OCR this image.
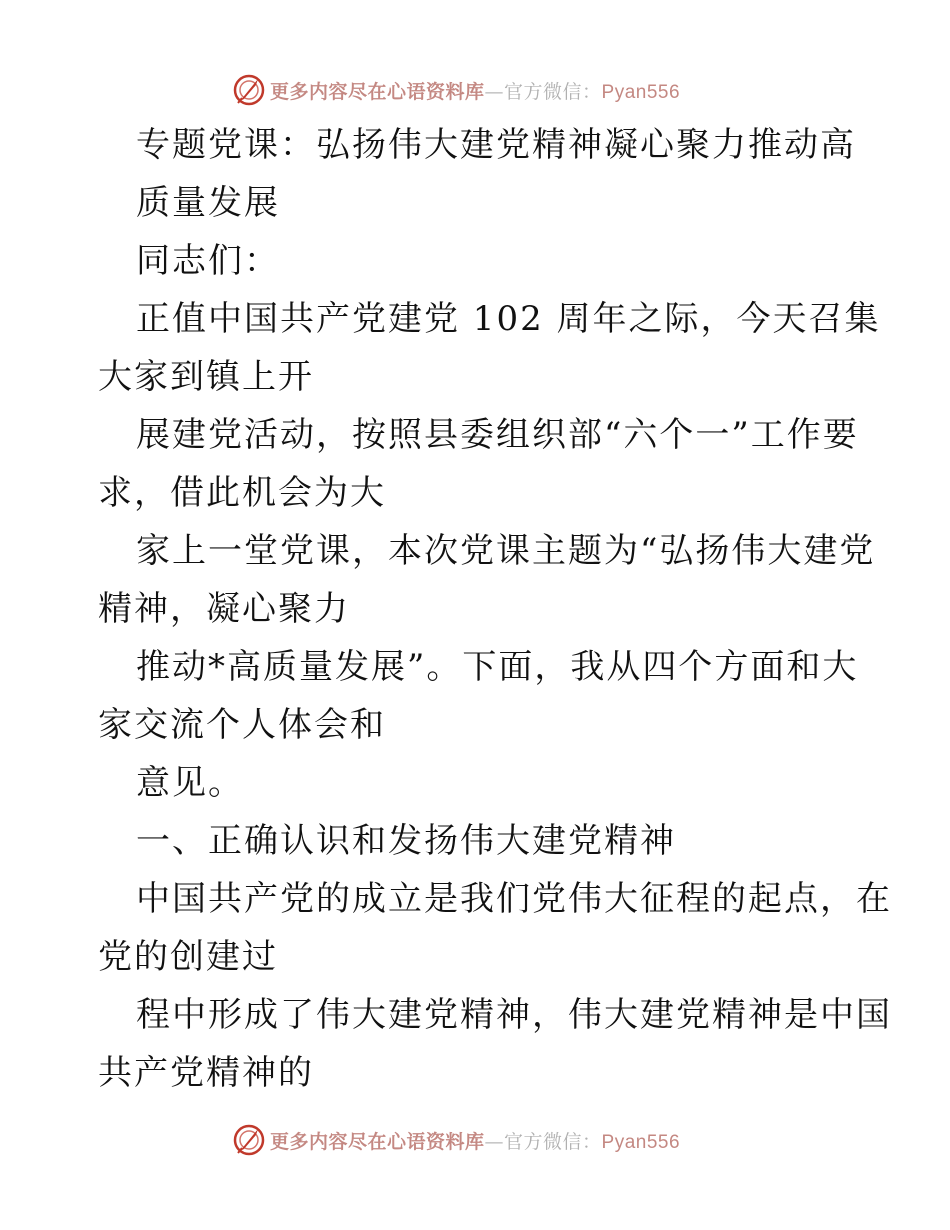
更多内容尽在心语资料库—官方微信：Pyan556
专题党课：弘扬伟大建党精神凝心聚力推动高
质量发展
同志们：
正值中国共产党建党 102 周年之际，今天召集
大家到镇上开
展建党活动，按照县委组织部“六个一”工作要
求，借此机会为大
家上一堂党课，本次党课主题为“弘扬伟大建党
精神，凝心聚力
推动*高质量发展”。下面，我从四个方面和大
家交流个人体会和
意见。
一、正确认识和发扬伟大建党精神
中国共产党的成立是我们党伟大征程的起点，在
党的创建过
程中形成了伟大建党精神，伟大建党精神是中国
共产党精神的
更多内容尽在心语资料库—官方微信：Pyan556
